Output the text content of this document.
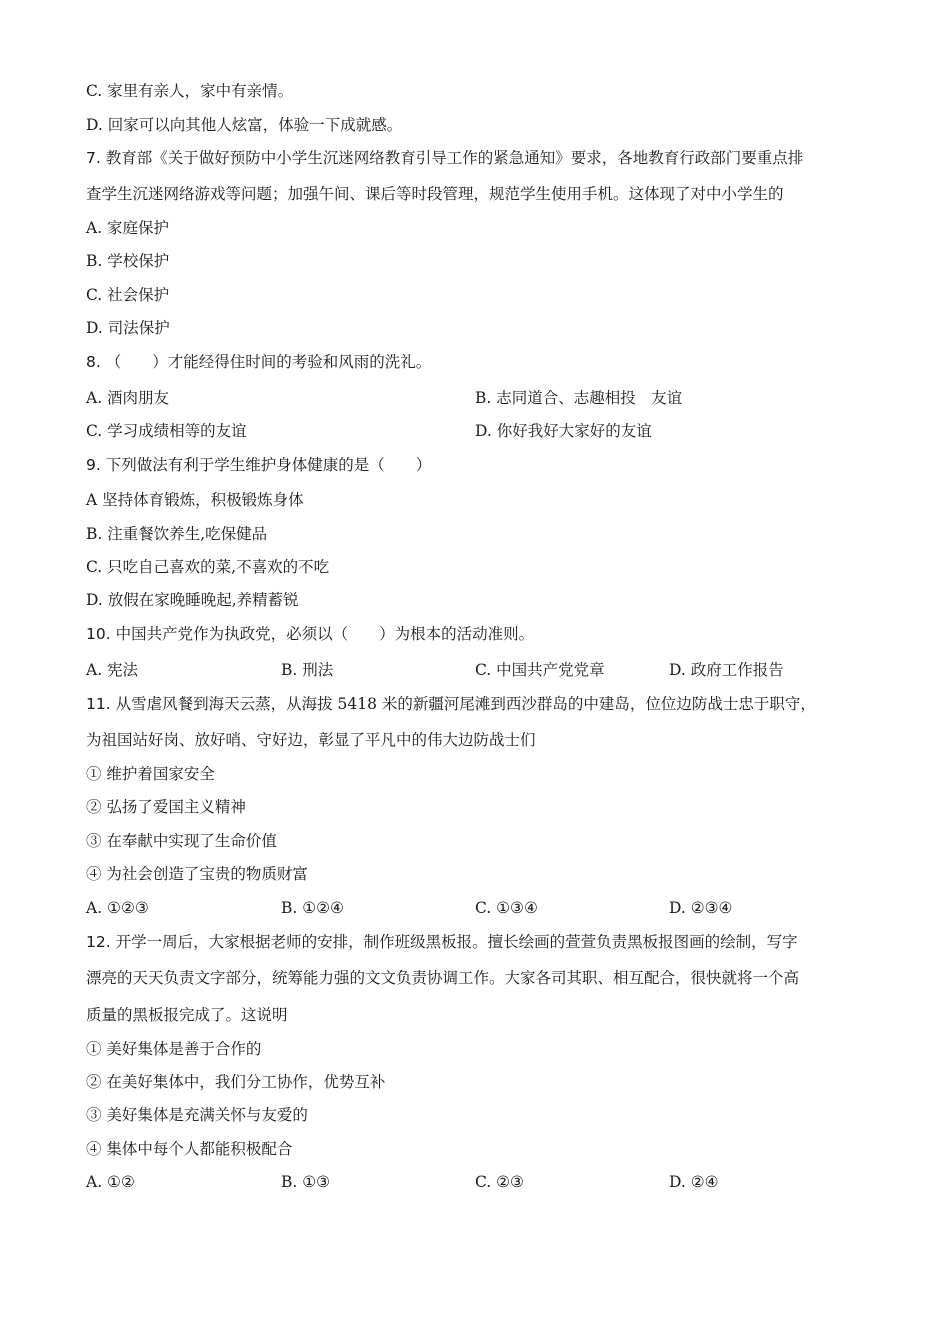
C. 家里有亲人，家中有亲情。
D. 回家可以向其他人炫富，体验一下成就感。
7. 教育部《关于做好预防中小学生沉迷网络教育引导工作的紧急通知》要求，各地教育行政部门要重点排
查学生沉迷网络游戏等问题；加强午间、课后等时段管理，规范学生使用手机。这体现了对中小学生的
A. 家庭保护
B. 学校保护
C. 社会保护
D. 司法保护
8. （　　）才能经得住时间的考验和风雨的洗礼。
A. 酒肉朋友	B. 志同道合、志趣相投　友谊
C. 学习成绩相等的友谊	D. 你好我好大家好的友谊
9. 下列做法有利于学生维护身体健康的是（　　）
A 坚持体育锻炼，积极锻炼身体
B. 注重餐饮养生,吃保健品
C. 只吃自己喜欢的菜,不喜欢的不吃
D. 放假在家晚睡晚起,养精蓄锐
10. 中国共产党作为执政党，必须以（　　）为根本的活动准则。
A. 宪法	B. 刑法	C. 中国共产党党章	D. 政府工作报告
11. 从雪虐风餐到海天云蒸，从海拔 5418 米的新疆河尾滩到西沙群岛的中建岛，位位边防战士忠于职守，
为祖国站好岗、放好哨、守好边，彰显了平凡中的伟大边防战士们
① 维护着国家安全
② 弘扬了爱国主义精神
③ 在奉献中实现了生命价值
④ 为社会创造了宝贵的物质财富
A. ①②③	B. ①②④	C. ①③④	D. ②③④
12. 开学一周后，大家根据老师的安排，制作班级黑板报。擅长绘画的萱萱负责黑板报图画的绘制，写字
漂亮的天天负责文字部分，统筹能力强的文文负责协调工作。大家各司其职、相互配合，很快就将一个高
质量的黑板报完成了。这说明
① 美好集体是善于合作的
② 在美好集体中，我们分工协作，优势互补
③ 美好集体是充满关怀与友爱的
④ 集体中每个人都能积极配合
A. ①②	B. ①③	C. ②③	D. ②④
